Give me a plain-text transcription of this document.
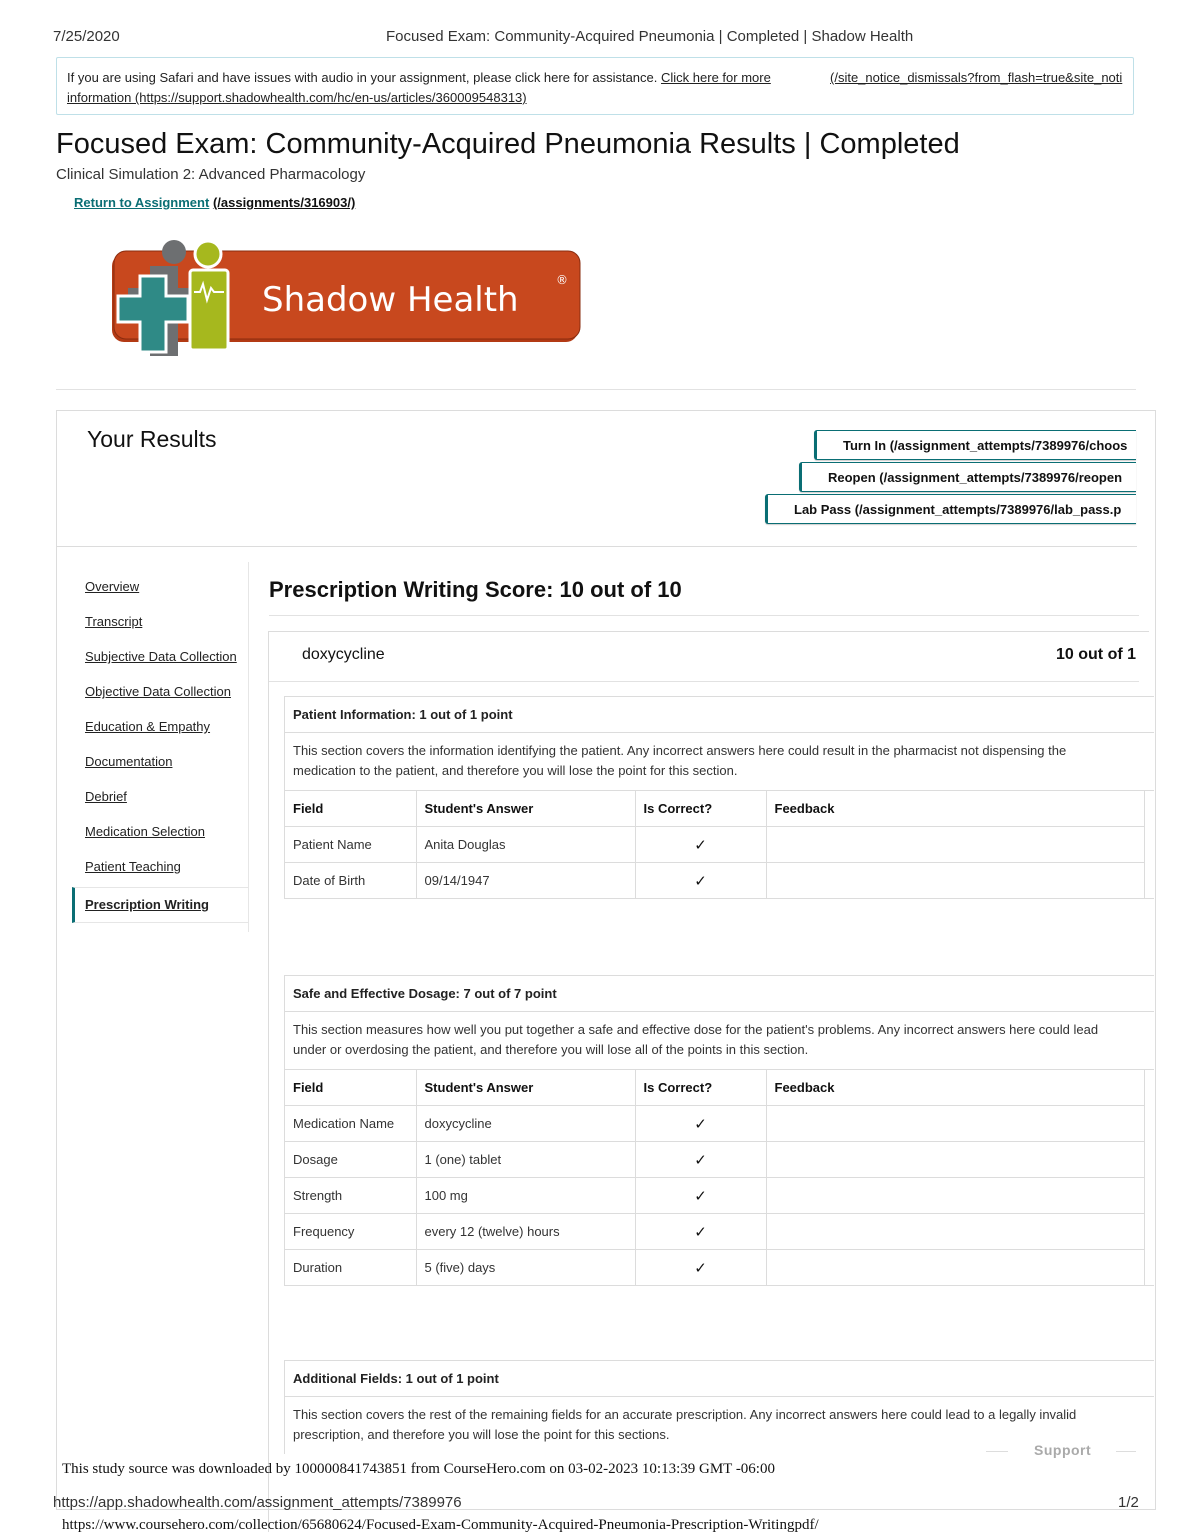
7/25/2020	Focused Exam: Community-Acquired Pneumonia | Completed | Shadow Health
If you are using Safari and have issues with audio in your assignment, please click here for assistance. Click here for more	(/site_notice_dismissals?from_flash=true&site_noti
information (https://support.shadowhealth.com/hc/en-us/articles/360009548313)
Focused Exam: Community-Acquired Pneumonia Results | Completed
Clinical Simulation 2: Advanced Pharmacology
Return to Assignment (/assignments/316903/)
Shadow Health	®
Your Results	Turn In (/assignment_attempts/7389976/choos
Reopen (/assignment_attempts/7389976/reopen
Lab Pass (/assignment_attempts/7389976/lab_pass.p
Overview
Transcript
Subjective Data Collection
Objective Data Collection
Education & Empathy
Documentation
Debrief
Medication Selection
Patient Teaching
Prescription Writing
Prescription Writing Score: 10 out of 10
doxycycline	10 out of 1
Patient Information: 1 out of 1 point
This section covers the information identifying the patient. Any incorrect answers here could result in the pharmacist not dispensing the
medication to the patient, and therefore you will lose the point for this section.
Field	Student's Answer	Is Correct?	Feedback
Patient Name	Anita Douglas	✓	
Date of Birth	09/14/1947	✓	
Safe and Effective Dosage: 7 out of 7 point
This section measures how well you put together a safe and effective dose for the patient's problems. Any incorrect answers here could lead
under or overdosing the patient, and therefore you will lose all of the points in this section.
Field	Student's Answer	Is Correct?	Feedback
Medication Name	doxycycline	✓	
Dosage	1 (one) tablet	✓	
Strength	100 mg	✓	
Frequency	every 12 (twelve) hours	✓	
Duration	5 (five) days	✓	
Additional Fields: 1 out of 1 point
This section covers the rest of the remaining fields for an accurate prescription. Any incorrect answers here could lead to a legally invalid
prescription, and therefore you will lose the point for this sections.
Support
This study source was downloaded by 100000841743851 from CourseHero.com on 03-02-2023 10:13:39 GMT -06:00
https://app.shadowhealth.com/assignment_attempts/7389976	1/2
https://www.coursehero.com/collection/65680624/Focused-Exam-Community-Acquired-Pneumonia-Prescription-Writingpdf/
